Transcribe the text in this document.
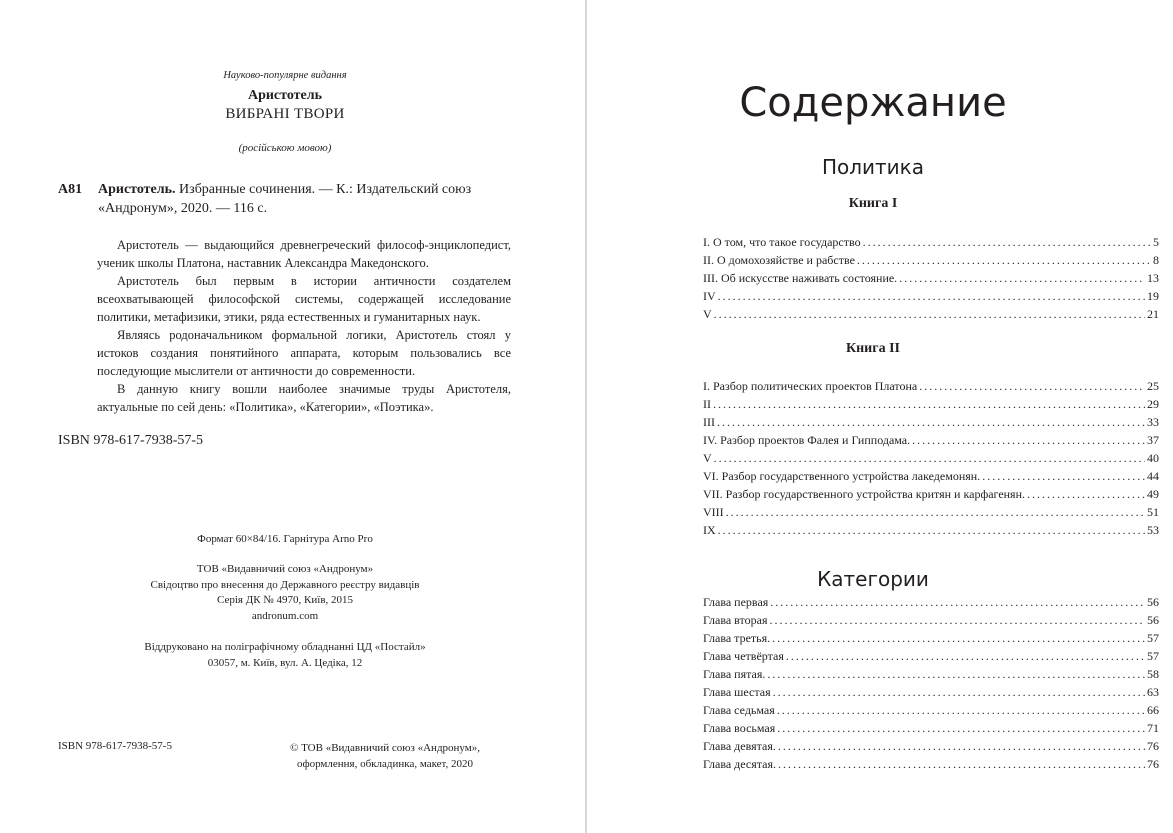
Науково-популярне видання
Аристотель
ВИБРАНІ ТВОРИ
(російською мовою)
А81 Аристотель. Избранные сочинения. — К.: Издательский союз «Андронум», 2020. — 116 с.

Аристотель — выдающийся древнегреческий философ-энциклопедист, ученик школы Платона, наставник Александра Македонского.

Аристотель был первым в истории античности создателем всеохватывающей философской системы, содержащей исследование политики, метафизики, этики, ряда естественных и гуманитарных наук.

Являясь родоначальником формальной логики, Аристотель стоял у истоков создания понятийного аппарата, которым пользовались все последующие мыслители от античности до современности.

В данную книгу вошли наиболее значимые труды Аристотеля, актуальные по сей день: «Политика», «Категории», «Поэтика».

ISBN 978-617-7938-57-5
Формат 60×84/16. Гарнітура Arno Pro
ТОВ «Видавничий союз «Андронум»
Свідоцтво про внесення до Державного реєстру видавців
Серія ДК № 4970, Київ, 2015
andronum.com
Віддруковано на поліграфічному обладнанні ЦД «Постайл»
03057, м. Київ, вул. А. Цедіка, 12
ISBN 978-617-7938-57-5	© ТОВ «Видавничий союз «Андронум»,
оформлення, обкладинка, макет, 2020
Содержание
Политика
Книга I
I. О том, что такое государство . . .	5
II. О домохозяйстве и рабстве . . .	8
III. Об искусстве наживать состояние. . . .	13
IV . . .	19
V . . .	21
Книга II
I. Разбор политических проектов Платона . . .	25
II . . .	29
III . . .	33
IV. Разбор проектов Фалея и Гипподама. . . .	37
V . . .	40
VI. Разбор государственного устройства лакедемонян. . . .	44
VII. Разбор государственного устройства критян и карфагенян. . . .	49
VIII . . .	51
IX . . .	53
Категории
Глава первая . . .	56
Глава вторая . . .	56
Глава третья. . . .	57
Глава четвёртая . . .	57
Глава пятая. . . .	58
Глава шестая . . .	63
Глава седьмая . . .	66
Глава восьмая . . .	71
Глава девятая. . . .	76
Глава десятая. . . .	76
